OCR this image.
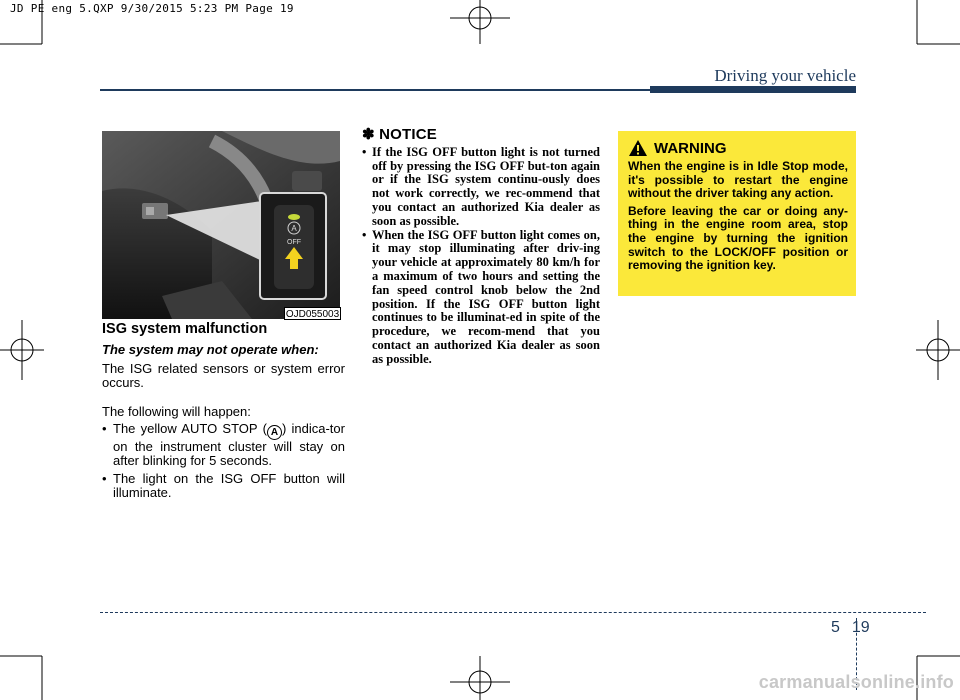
JD PE eng 5.QXP 9/30/2015 5:23 PM Page 19
Driving your vehicle
A
OFF
OJD055003
ISG system malfunction
The system may not operate when:

The ISG related sensors or system error occurs.

The following will happen:
• The yellow AUTO STOP ( A ) indica-tor on the instrument cluster will stay on after blinking for 5 seconds.
• The light on the ISG OFF button will illuminate.
✽ NOTICE
• If the ISG OFF button light is not turned off by pressing the ISG OFF but-ton again or if the ISG system continu-ously does not work correctly, we rec-ommend that you contact an authorized Kia dealer as soon as possible.
• When the ISG OFF button light comes on, it may stop illuminating after driv-ing your vehicle at approximately 80 km/h for a maximum of two hours and setting the fan speed control knob below the 2nd position. If the ISG OFF button light continues to be illuminat-ed in spite of the procedure, we recom-mend that you contact an authorized Kia dealer as soon as possible.
WARNING

When the engine is in Idle Stop mode, it's possible to restart the engine without the driver taking any action.

Before leaving the car or doing any-thing in the engine room area, stop the engine by turning the ignition switch to the LOCK/OFF position or removing the ignition key.

5 19
carmanualsonline.info
